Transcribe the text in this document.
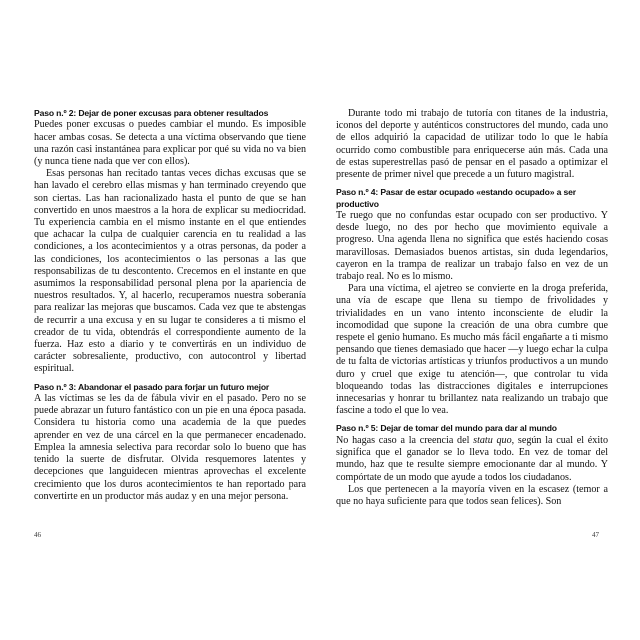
Paso n.º 2: Dejar de poner excusas para obtener resultados

Puedes poner excusas o puedes cambiar el mundo. Es imposible hacer ambas cosas. Se detecta a una víctima observando que tiene una razón casi instantánea para explicar por qué su vida no va bien (y nunca tiene nada que ver con ellos).

Esas personas han recitado tantas veces dichas excusas que se han lavado el cerebro ellas mismas y han terminado creyendo que son ciertas. Las han racionalizado hasta el punto de que se han convertido en unos maestros a la hora de explicar su mediocridad. Tu experiencia cambia en el mismo instante en el que entiendes que achacar la culpa de cualquier carencia en tu realidad a las condiciones, a los acontecimientos y a otras personas, da poder a las condiciones, los acontecimientos o las personas a las que responsabilizas de tu descontento. Crecemos en el instante en que asumimos la responsabilidad personal plena por la apariencia de nuestros resultados. Y, al hacerlo, recuperamos nuestra soberanía para realizar las mejoras que buscamos. Cada vez que te abstengas de recurrir a una excusa y en su lugar te consideres a ti mismo el creador de tu vida, obtendrás el correspondiente aumento de la fuerza. Haz esto a diario y te convertirás en un individuo de carácter sobresaliente, productivo, con autocontrol y libertad espiritual.

Paso n.º 3: Abandonar el pasado para forjar un futuro mejor

A las víctimas se les da de fábula vivir en el pasado. Pero no se puede abrazar un futuro fantástico con un pie en una época pasada. Considera tu historia como una academia de la que puedes aprender en vez de una cárcel en la que permanecer encadenado. Emplea la amnesia selectiva para recordar solo lo bueno que has tenido la suerte de disfrutar. Olvida resquemores latentes y decepciones que languidecen mientras aprovechas el excelente crecimiento que los duros acontecimientos te han reportado para convertirte en un productor más audaz y en una mejor persona.

46

Durante todo mi trabajo de tutoría con titanes de la industria, iconos del deporte y auténticos constructores del mundo, cada uno de ellos adquirió la capacidad de utilizar todo lo que le había ocurrido como combustible para enriquecerse aún más. Cada una de estas superestrellas pasó de pensar en el pasado a optimizar el presente de primer nivel que precede a un futuro magistral.

Paso n.º 4: Pasar de estar ocupado «estando ocupado» a ser productivo

Te ruego que no confundas estar ocupado con ser productivo. Y desde luego, no des por hecho que movimiento equivale a progreso. Una agenda llena no significa que estés haciendo cosas maravillosas. Demasiados buenos artistas, sin duda legendarios, cayeron en la trampa de realizar un trabajo falso en vez de un trabajo real. No es lo mismo.

Para una víctima, el ajetreo se convierte en la droga preferida, una vía de escape que llena su tiempo de frivolidades y trivialidades en un vano intento inconsciente de eludir la incomodidad que supone la creación de una obra cumbre que respete el genio humano. Es mucho más fácil engañarte a ti mismo pensando que tienes demasiado que hacer —y luego echar la culpa de tu falta de victorias artísticas y triunfos productivos a un mundo duro y cruel que exige tu atención—, que controlar tu vida bloqueando todas las distracciones digitales e interrupciones innecesarias y honrar tu brillantez nata realizando un trabajo que fascine a todo el que lo vea.

Paso n.º 5: Dejar de tomar del mundo para dar al mundo

No hagas caso a la creencia del statu quo, según la cual el éxito significa que el ganador se lo lleva todo. En vez de tomar del mundo, haz que te resulte siempre emocionante dar al mundo. Y compórtate de un modo que ayude a todos los ciudadanos.

Los que pertenecen a la mayoría viven en la escasez (temor a que no haya suficiente para que todos sean felices). Son

47
